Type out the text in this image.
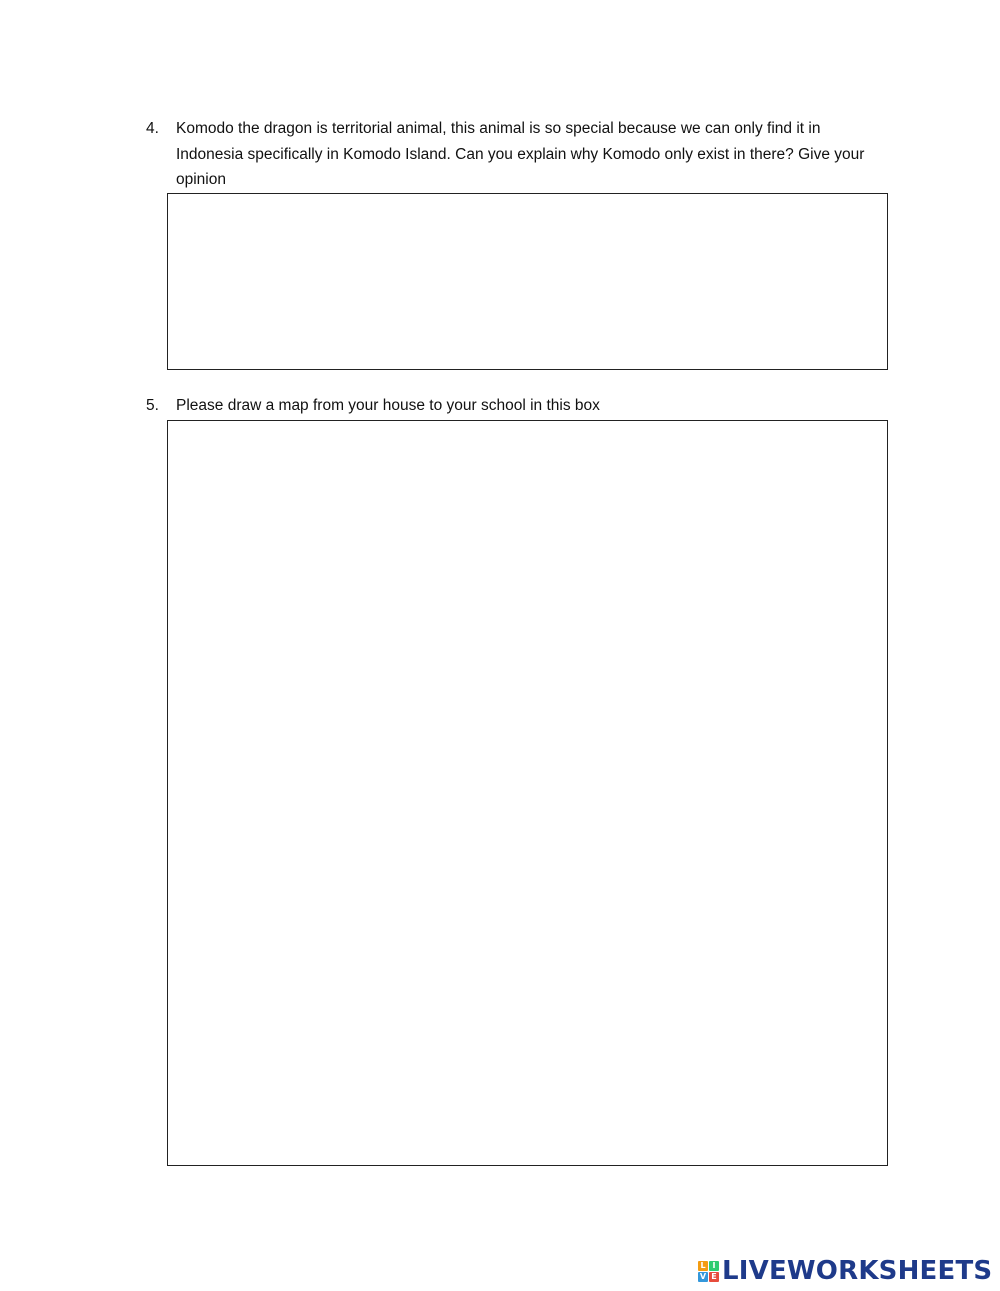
4.	Komodo the dragon is territorial animal, this animal is so special because we can only find it in Indonesia specifically in Komodo Island. Can you explain why Komodo only exist in there? Give your opinion
5.	Please draw a map from your house to your school in this box
L I
V E LIVEWORKSHEETS
